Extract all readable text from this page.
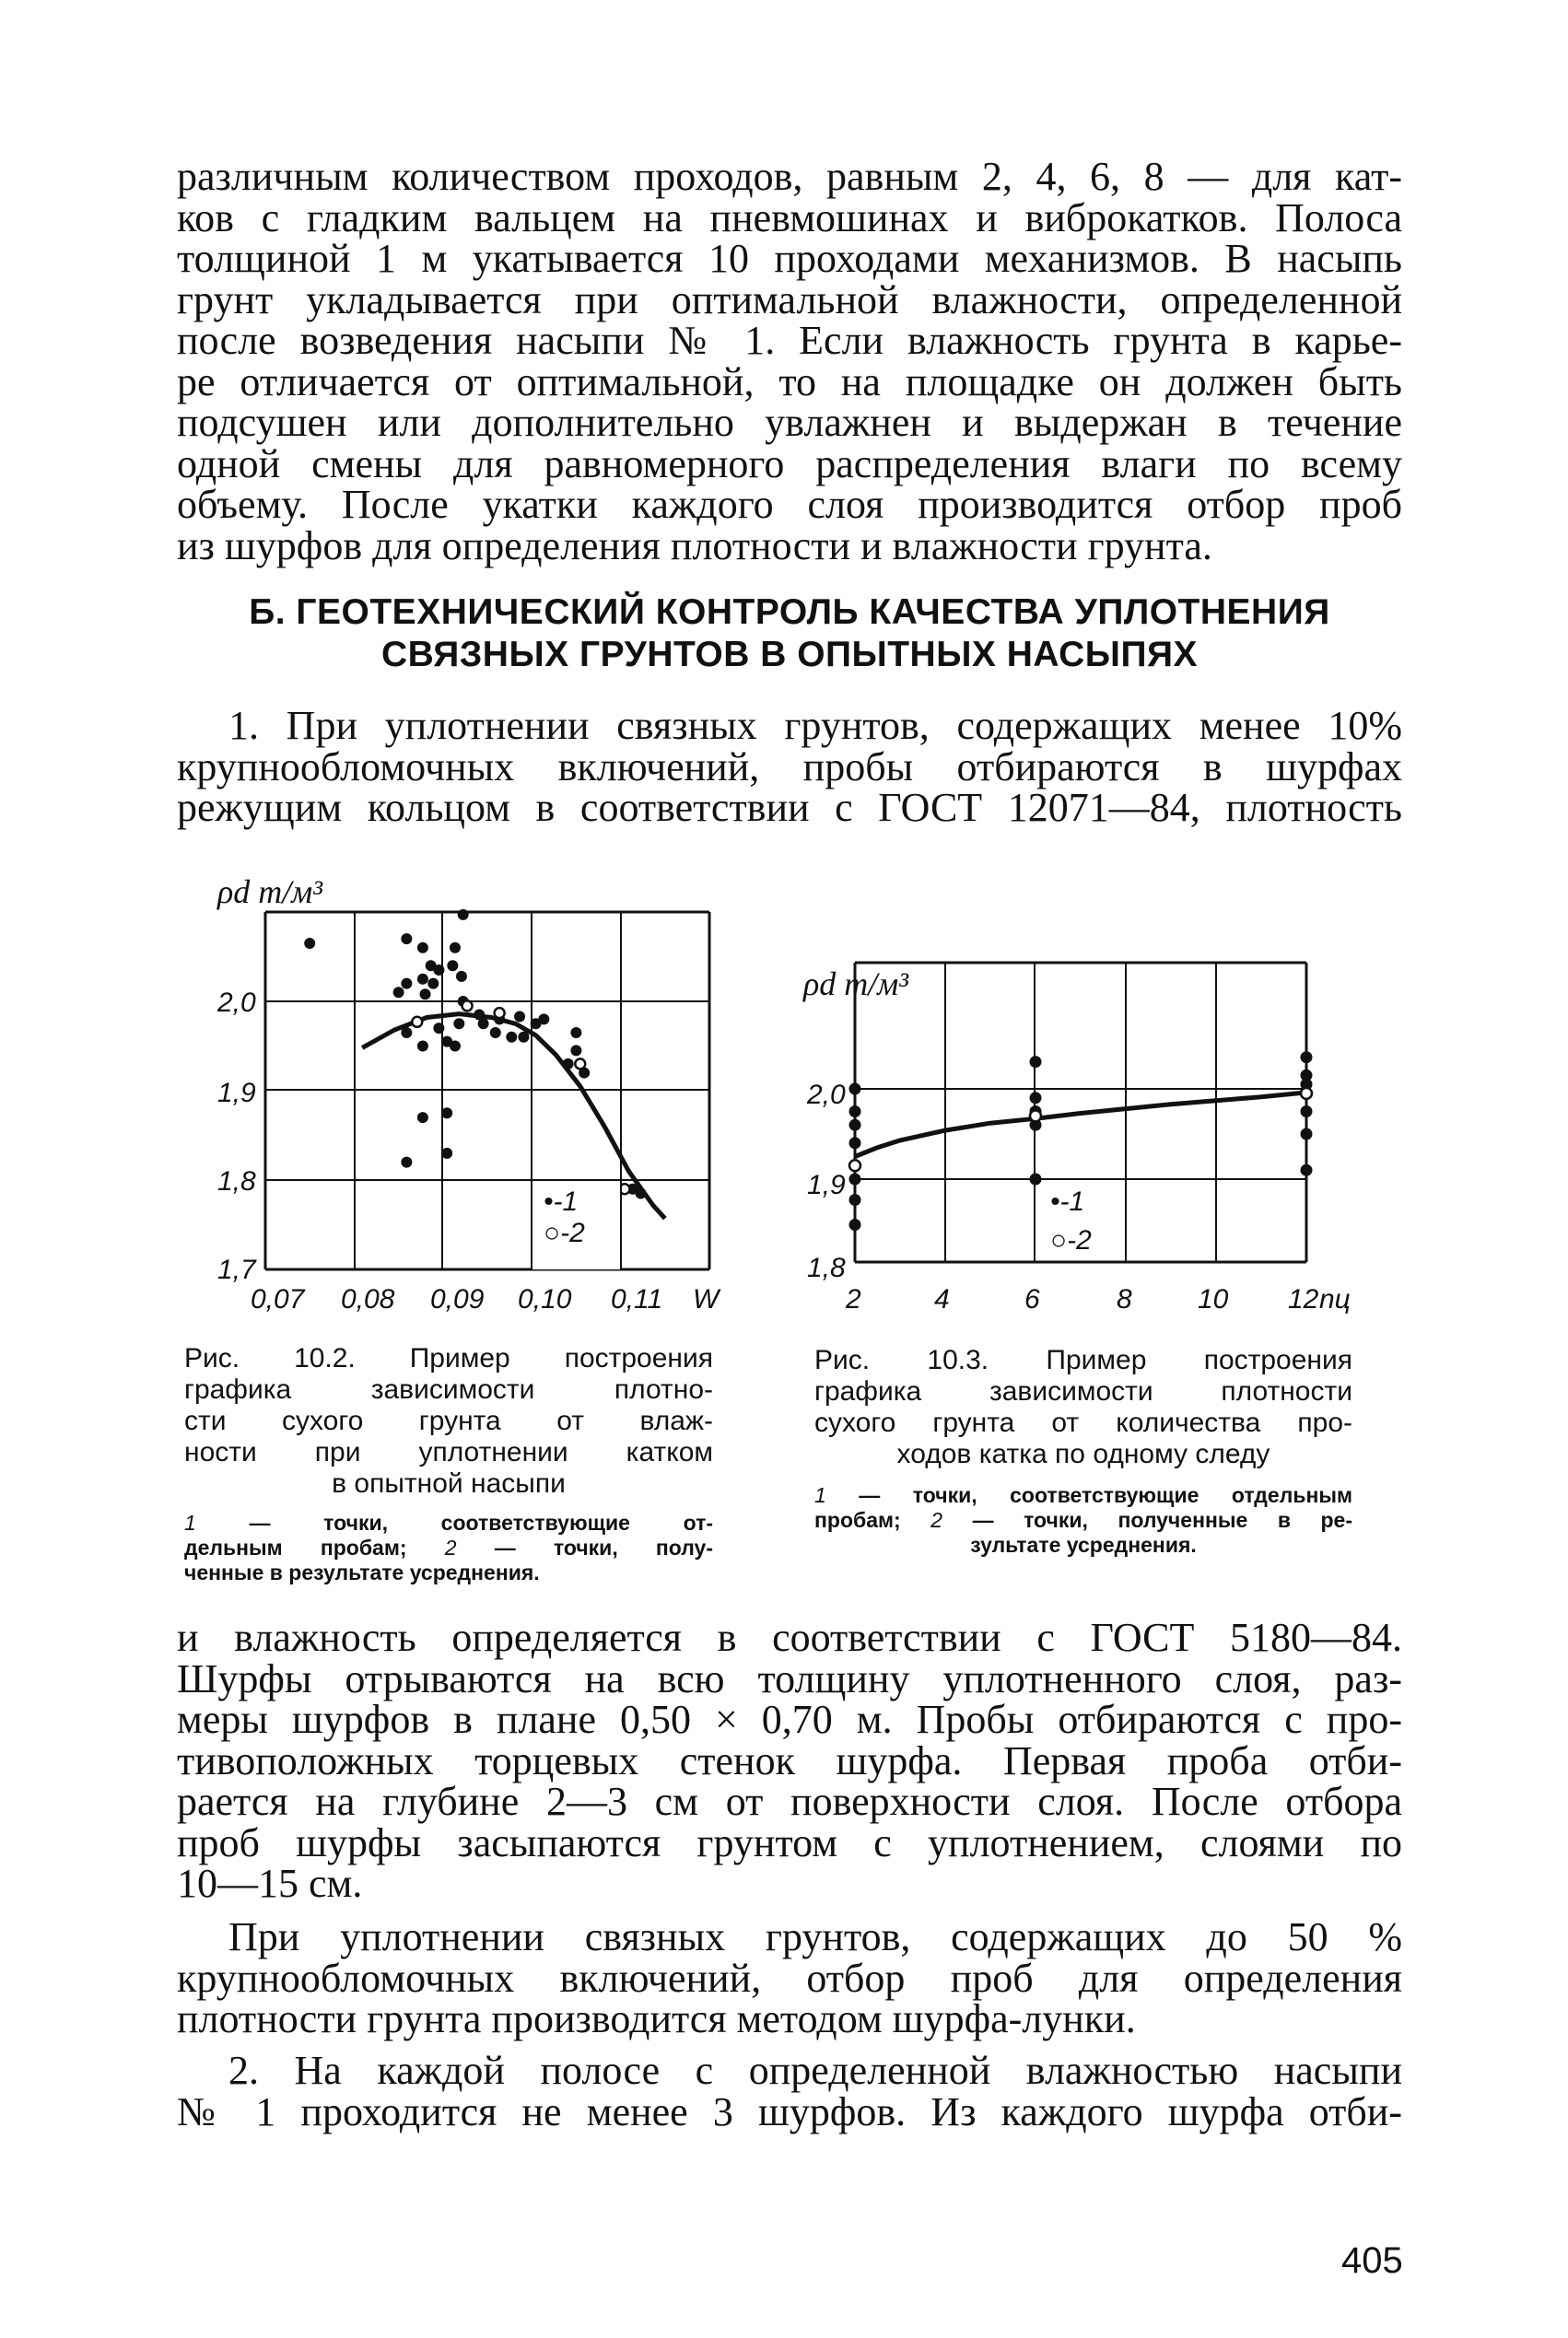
различным количеством проходов, равным 2, 4, 6, 8 — для кат-
ков с гладким вальцем на пневмошинах и виброкатков. Полоса
толщиной 1 м укатывается 10 проходами механизмов. В насыпь
грунт укладывается при оптимальной влажности, определенной
после возведения насыпи № 1. Если влажность грунта в карье-
ре отличается от оптимальной, то на площадке он должен быть
подсушен или дополнительно увлажнен и выдержан в течение
одной смены для равномерного распределения влаги по всему
объему. После укатки каждого слоя производится отбор проб
из шурфов для определения плотности и влажности грунта.

Б. ГЕОТЕХНИЧЕСКИЙ КОНТРОЛЬ КАЧЕСТВА УПЛОТНЕНИЯ
СВЯЗНЫХ ГРУНТОВ В ОПЫТНЫХ НАСЫПЯХ

1. При уплотнении связных грунтов, содержащих менее 10%
крупнообломочных включений, пробы отбираются в шурфах
режущим кольцом в соответствии с ГОСТ 12071—84, плотность

ρd т/м³
2,0
1,9
1,8
1,7
0,07 0,08 0,09 0,10 0,11 W
•-1
○-2
ρd т/м³
2,0
1,9
1,8
2	4	6	8 10 12 nц
•-1
○-2
Рис. 10.2. Пример построения
графика зависимости плотно-
сти сухого грунта от влаж-
ности при уплотнении катком
в опытной насыпи
1	— точки, соответствующие от-
дельным пробам; 2 — точки, полу-
ченные в результате усреднения.
Рис. 10.3. Пример построения
графика зависимости плотности
сухого грунта от количества про-
ходов катка по одному следу
1 — точки, соответствующие отдельным
пробам; 2 — точки, полученные в ре-
зультате усреднения.

и влажность определяется в соответствии с ГОСТ 5180—84.
Шурфы отрываются на всю толщину уплотненного слоя, раз-
меры шурфов в плане 0,50 × 0,70 м. Пробы отбираются с про-
тивоположных торцевых стенок шурфа. Первая проба отби-
рается на глубине 2—3 см от поверхности слоя. После отбора
проб шурфы засыпаются грунтом с уплотнением, слоями по
10—15 см.

При уплотнении связных грунтов, содержащих до 50 %
крупнообломочных включений, отбор проб для определения
плотности грунта производится методом шурфа-лунки.

2. На каждой полосе с определенной влажностью насыпи
№ 1 проходится не менее 3 шурфов. Из каждого шурфа отби-

405
